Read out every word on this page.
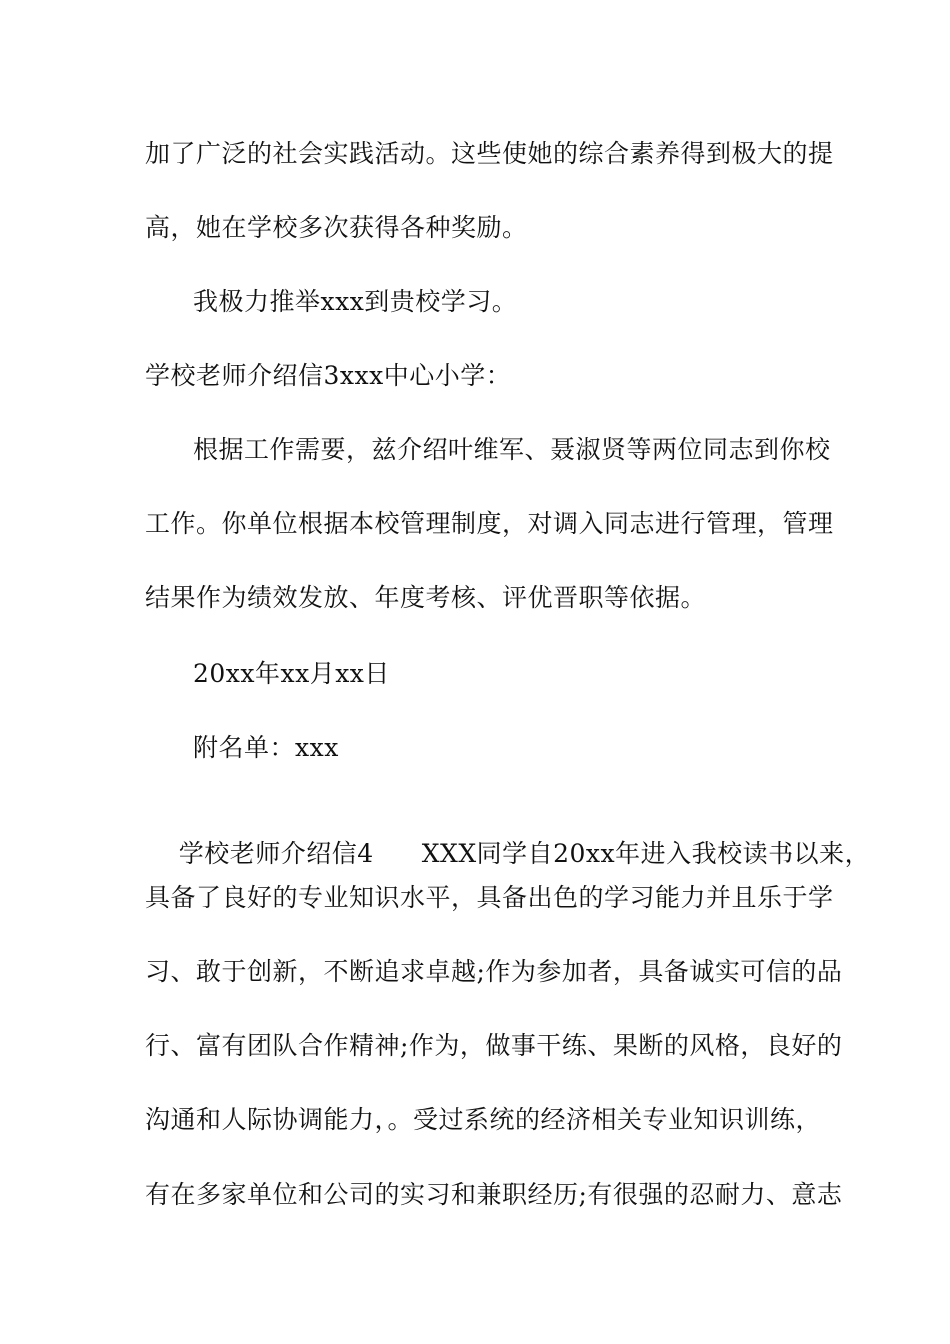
加了广泛的社会实践活动。这些使她的综合素养得到极大的提
高，她在学校多次获得各种奖励。
我极力推举xxx到贵校学习。
学校老师介绍信3xxx中心小学：
根据工作需要，兹介绍叶维军、聂淑贤等两位同志到你校
工作。你单位根据本校管理制度，对调入同志进行管理，管理
结果作为绩效发放、年度考核、评优晋职等依据。
20xx年xx月xx日
附名单：xxx

学校老师介绍信4 XXX同学自20xx年进入我校读书以来，

具备了良好的专业知识水平，具备出色的学习能力并且乐于学
习、敢于创新，不断追求卓越;作为参加者，具备诚实可信的品
行、富有团队合作精神;作为，做事干练、果断的风格，良好的
沟通和人际协调能力，。受过系统的经济相关专业知识训练，
有在多家单位和公司的实习和兼职经历;有很强的忍耐力、意志
